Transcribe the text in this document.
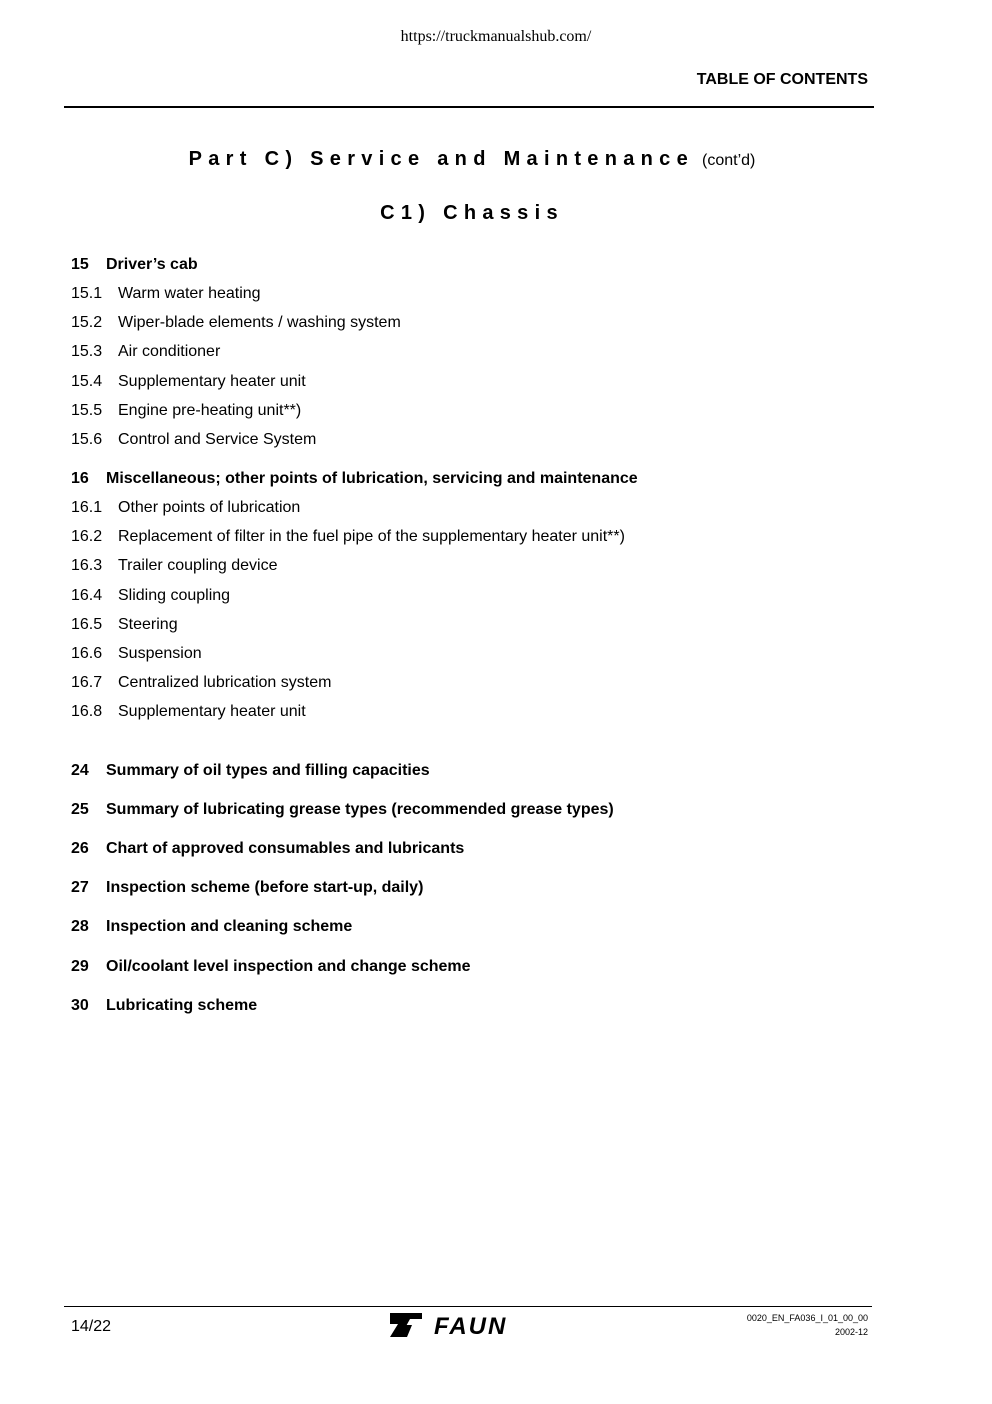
https://truckmanualshub.com/
TABLE OF CONTENTS
Part C) Service and Maintenance (cont’d)
C1) Chassis
15 Driver’s cab
15.1 Warm water heating
15.2 Wiper-blade elements / washing system
15.3 Air conditioner
15.4 Supplementary heater unit
15.5 Engine pre-heating unit**)
15.6 Control and Service System
16 Miscellaneous; other points of lubrication, servicing and maintenance
16.1 Other points of lubrication
16.2 Replacement of filter in the fuel pipe of the supplementary heater unit**)
16.3 Trailer coupling device
16.4 Sliding coupling
16.5 Steering
16.6 Suspension
16.7 Centralized lubrication system
16.8 Supplementary heater unit
24 Summary of oil types and filling capacities
25 Summary of lubricating grease types (recommended grease types)
26 Chart of approved consumables and lubricants
27 Inspection scheme (before start-up, daily)
28 Inspection and cleaning scheme
29 Oil/coolant level inspection and change scheme
30 Lubricating scheme
14/22	FAUN	0020_EN_FA036_I_01_00_00
2002-12
